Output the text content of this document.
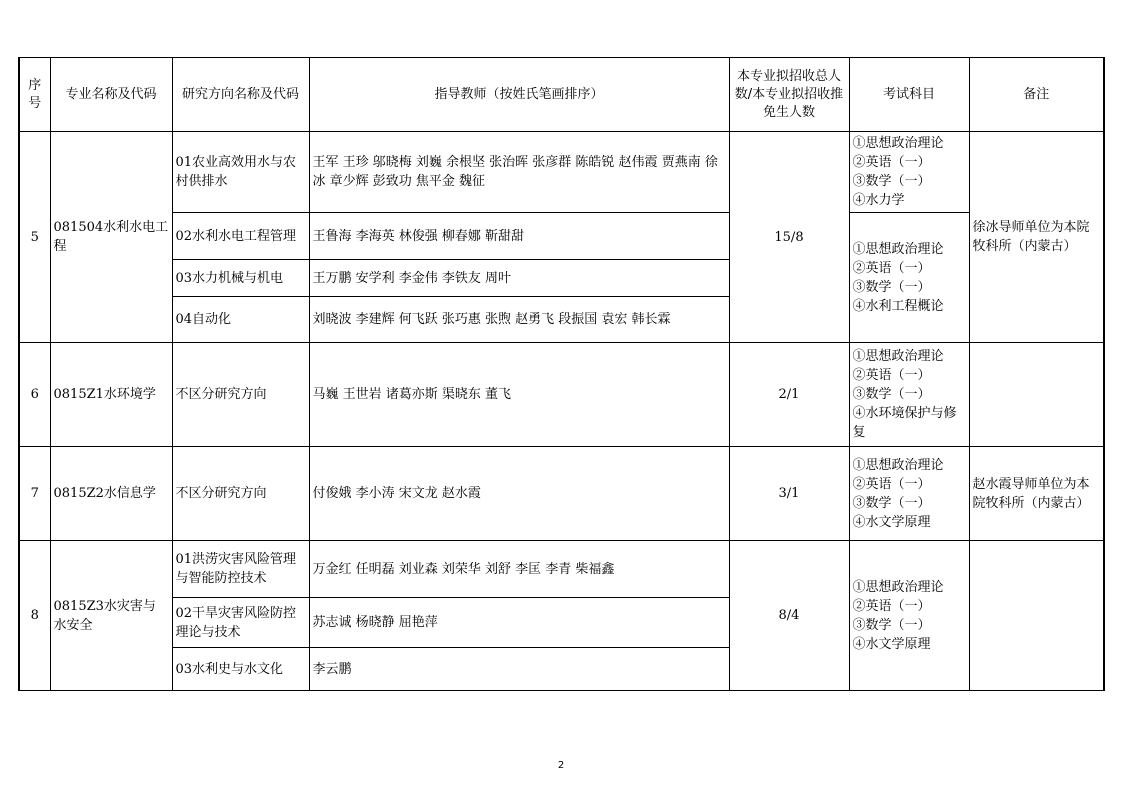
序号	专业名称及代码	研究方向名称及代码	指导教师（按姓氏笔画排序）	本专业拟招收总人数/本专业拟招收推免生人数	考试科目	备注
5	081504水利水电工程	01农业高效用水与农村供排水	王军 王珍 邬晓梅 刘巍 余根坚 张治晖 张彦群 陈皓锐 赵伟霞 贾燕南 徐冰 章少辉 彭致功 焦平金 魏征	15/8	①思想政治理论
②英语（一）
③数学（一）
④水力学	徐冰导师单位为本院牧科所（内蒙古）
		02水利水电工程管理	王鲁海 李海英 林俊强 柳春娜 靳甜甜		①思想政治理论
②英语（一）
③数学（一）
④水利工程概论	

		03水力机械与机电	王万鹏 安学利 李金伟 李铁友 周叶			
		04自动化	刘晓波 李建辉 何飞跃 张巧惠 张煦 赵勇飞 段振国 袁宏 韩长霖			
6	0815Z1水环境学	不区分研究方向	马巍 王世岩 诸葛亦斯 渠晓东 董飞	2/1	①思想政治理论
②英语（一）
③数学（一）
④水环境保护与修复	

7	0815Z2水信息学	不区分研究方向	付俊娥 李小涛 宋文龙 赵水霞	3/1	①思想政治理论
②英语（一）
③数学（一）
④水文学原理	赵水霞导师单位为本院牧科所（内蒙古）
8	0815Z3水灾害与水安全	01洪涝灾害风险管理与智能防控技术	万金红 任明磊 刘业森 刘荣华 刘舒 李匡 李青 柴福鑫	8/4	①思想政治理论
②英语（一）
③数学（一）
④水文学原理	

		02干旱灾害风险防控理论与技术	苏志诚 杨晓静 屈艳萍			
		03水利史与水文化	李云鹏			
2
